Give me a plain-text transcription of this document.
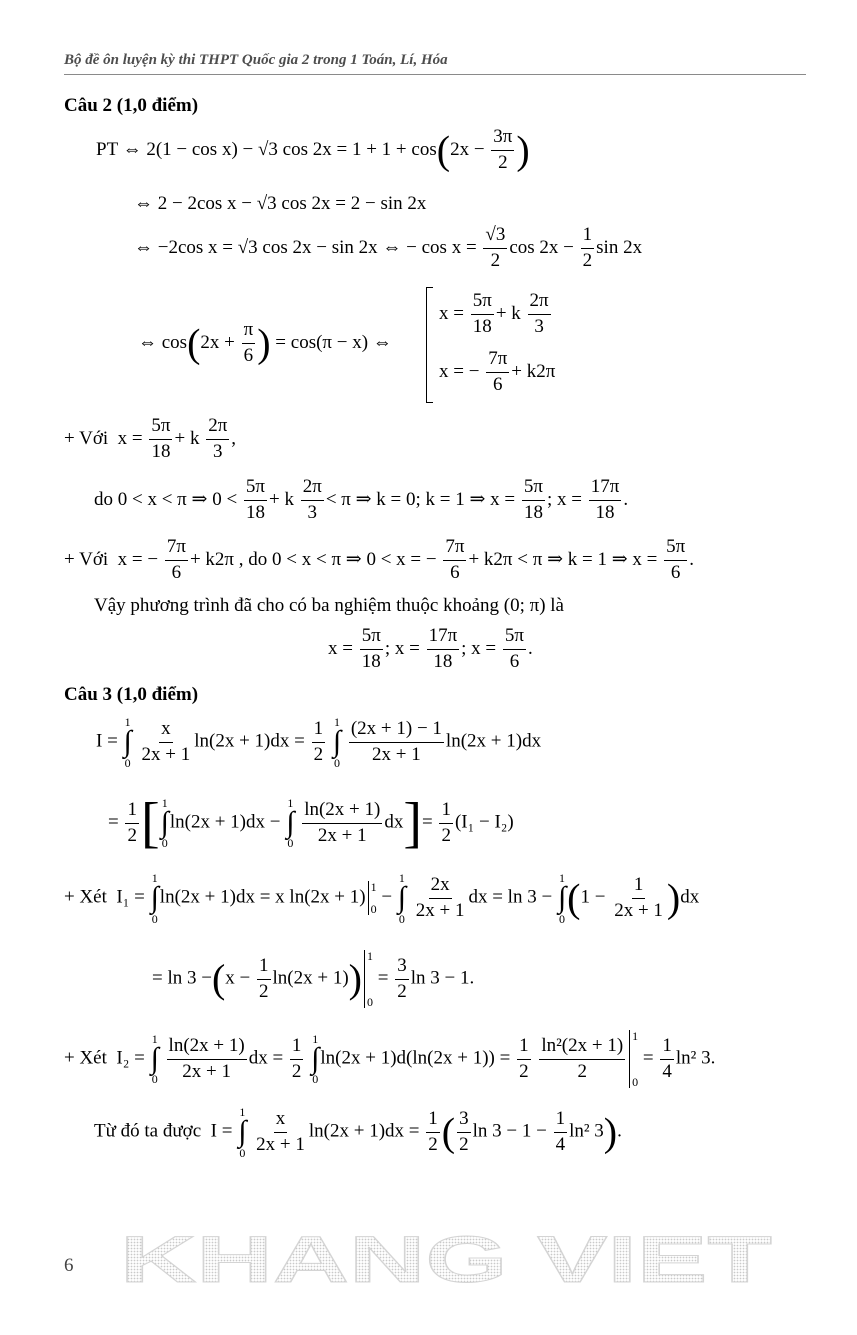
Bộ đề ôn luyện kỳ thi THPT Quốc gia 2 trong 1 Toán, Lí, Hóa
Câu 2 (1,0 điểm)
PT ⇔ 2(1 − cos x) − √3 $\cos 2x = 1 + 1 + \cos(2x - \frac{3\pi}{2}$ )
⇔ 2 − 2cos x − √3 cos 2x = 2 − sin 2x
⇔ −2cos x = √3 cos 2x − sin 2x ⇔ − $\cos x = \frac{√3}{2}$ $\cos 2x - \frac{1}{2}$ sin 2x
⇔ $\cos(2x + \frac{\pi}{6}$ ) = cos(π − x) ⇔
$x = \frac{5\pi}{18} + k \frac{2\pi}{3}$
x = − $\frac{7\pi}{6} + k2\pi$
+ Với $x = \frac{5\pi}{18} + k \frac{2\pi}{3}$ ,
do 0 < x < π ⇒ $0 < \frac{5\pi}{18} + k \frac{2\pi}{3} < \pi$ ⇒ k = 0; k = 1 ⇒ $x = \frac{5\pi}{18}$ ; $x = \frac{17\pi}{18}$ .
+ Với x = − $\frac{7\pi}{6} + k2\pi$ , do 0 < x < π ⇒ 0 < x = − $\frac{7\pi}{6} + k2\pi < \pi$ ⇒ k = 1 ⇒ $x = \frac{5\pi}{6}$ .
Vậy phương trình đã cho có ba nghiệm thuộc khoảng (0; π) là
$x = \frac{5\pi}{18}$ ; $x = \frac{17\pi}{18}$ ; $x = \frac{5\pi}{6}$ .
Câu 3 (1,0 điểm)
I =
1
∫
0
$\frac{x}{2x + 1} \ln(2x + 1)dx = \frac{1}{2}$
1
∫
0
$\frac{(2x + 1) - 1}{2x + 1} \ln(2x + 1)dx$
= $\frac{1}{2}$ [ 1
∫
0
ln(2x + 1)dx −
1
∫
0
$\frac{\ln(2x + 1)}{2x + 1} dx]= \frac{1}{2} (I_1 - I_2)$
+ Xét I₁ =
1
∫
0
ln(2x + 1)dx = x ln(2x + 1) 1
0
−
1
∫
0
$\frac{2x}{2x + 1}$ dx = ln 3 −
1
∫
0 $(1 - \frac{1}{2x + 1} )dx$
= $\ln 3 -(x - \frac{1}{2} \ln(2x + 1))$ 1
0
= $\frac{3}{2}$ ln 3 − 1.
+ Xét I₂ =
1
∫
0
$\frac{\ln(2x + 1)}{2x + 1}$ dx = $\frac{1}{2}$
1
∫
0
$\ln(2x + 1)d(\ln(2x + 1)) = \frac{1}{2}$
$\frac{\text{ln²(2x + 1)}}{2} 1$
0
= $\frac{1}{4} \ln^2$ 3.
Từ đó ta được I =
1
∫
0
$\frac{x}{2x + 1} \ln(2x + 1)dx = \frac{1}{2}$ ( $\frac{3}{2}$ $\ln 3 - 1 - \frac{1}{4} \ln^2$ 3).
6 KHANG VIET
